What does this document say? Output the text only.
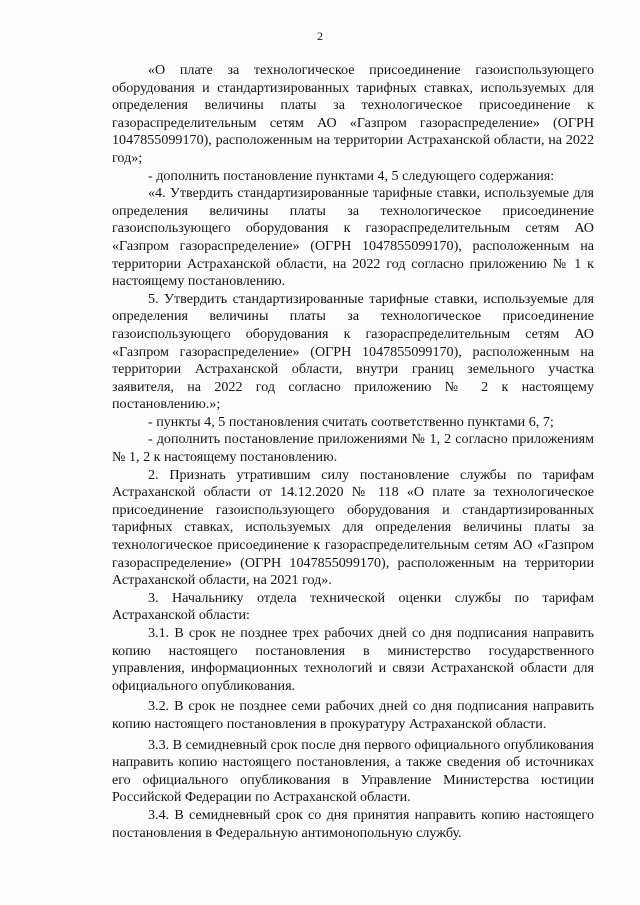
2

«О плате за технологическое присоединение газоиспользующего оборудования и стандартизированных тарифных ставках, используемых для определения величины платы за технологическое присоединение к газораспределительным сетям АО «Газпром газораспределение» (ОГРН 1047855099170), расположенным на территории Астраханской области, на 2022 год»;

- дополнить постановление пунктами 4, 5 следующего содержания:

«4. Утвердить стандартизированные тарифные ставки, используемые для определения величины платы за технологическое присоединение газоиспользующего оборудования к газораспределительным сетям АО «Газпром газораспределение» (ОГРН 1047855099170), расположенным на территории Астраханской области, на 2022 год согласно приложению № 1 к настоящему постановлению.

5. Утвердить стандартизированные тарифные ставки, используемые для определения величины платы за технологическое присоединение газоиспользующего оборудования к газораспределительным сетям АО «Газпром газораспределение» (ОГРН 1047855099170), расположенным на территории Астраханской области, внутри границ земельного участка заявителя, на 2022 год согласно приложению № 2 к настоящему постановлению.»;

- пункты 4, 5 постановления считать соответственно пунктами 6, 7;

- дополнить постановление приложениями № 1, 2 согласно приложениям № 1, 2 к настоящему постановлению.

2. Признать утратившим силу постановление службы по тарифам Астраханской области от 14.12.2020 № 118 «О плате за технологическое присоединение газоиспользующего оборудования и стандартизированных тарифных ставках, используемых для определения величины платы за технологическое присоединение к газораспределительным сетям АО «Газпром газораспределение» (ОГРН 1047855099170), расположенным на территории Астраханской области, на 2021 год».

3. Начальнику отдела технической оценки службы по тарифам Астраханской области:

3.1. В срок не позднее трех рабочих дней со дня подписания направить копию настоящего постановления в министерство государственного управления, информационных технологий и связи Астраханской области для официального опубликования.

3.2. В срок не позднее семи рабочих дней со дня подписания направить копию настоящего постановления в прокуратуру Астраханской области.

3.3. В семидневный срок после дня первого официального опубликования направить копию настоящего постановления, а также сведения об источниках его официального опубликования в Управление Министерства юстиции Российской Федерации по Астраханской области.

3.4. В семидневный срок со дня принятия направить копию настоящего постановления в Федеральную антимонопольную службу.
